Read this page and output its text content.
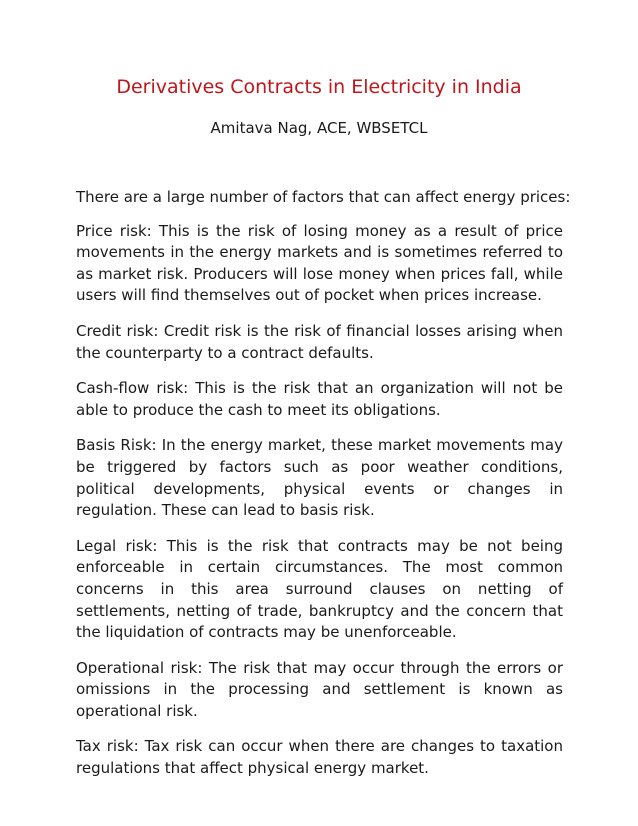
Derivatives Contracts in Electricity in India

Amitava Nag, ACE, WBSETCL

There are a large number of factors that can affect energy prices:

Price risk: This is the risk of losing money as a result of price movements in the energy markets and is sometimes referred to as market risk. Producers will lose money when prices fall, while users will find themselves out of pocket when prices increase.

Credit risk: Credit risk is the risk of financial losses arising when the counterparty to a contract defaults.

Cash-flow risk: This is the risk that an organization will not be able to produce the cash to meet its obligations.

Basis Risk: In the energy market, these market movements may be triggered by factors such as poor weather conditions, political developments, physical events or changes in regulation. These can lead to basis risk.

Legal risk: This is the risk that contracts may be not being enforceable in certain circumstances. The most common concerns in this area surround clauses on netting of settlements, netting of trade, bankruptcy and the concern that the liquidation of contracts may be unenforceable.

Operational risk: The risk that may occur through the errors or omissions in the processing and settlement is known as operational risk.

Tax risk: Tax risk can occur when there are changes to taxation regulations that affect physical energy market.
